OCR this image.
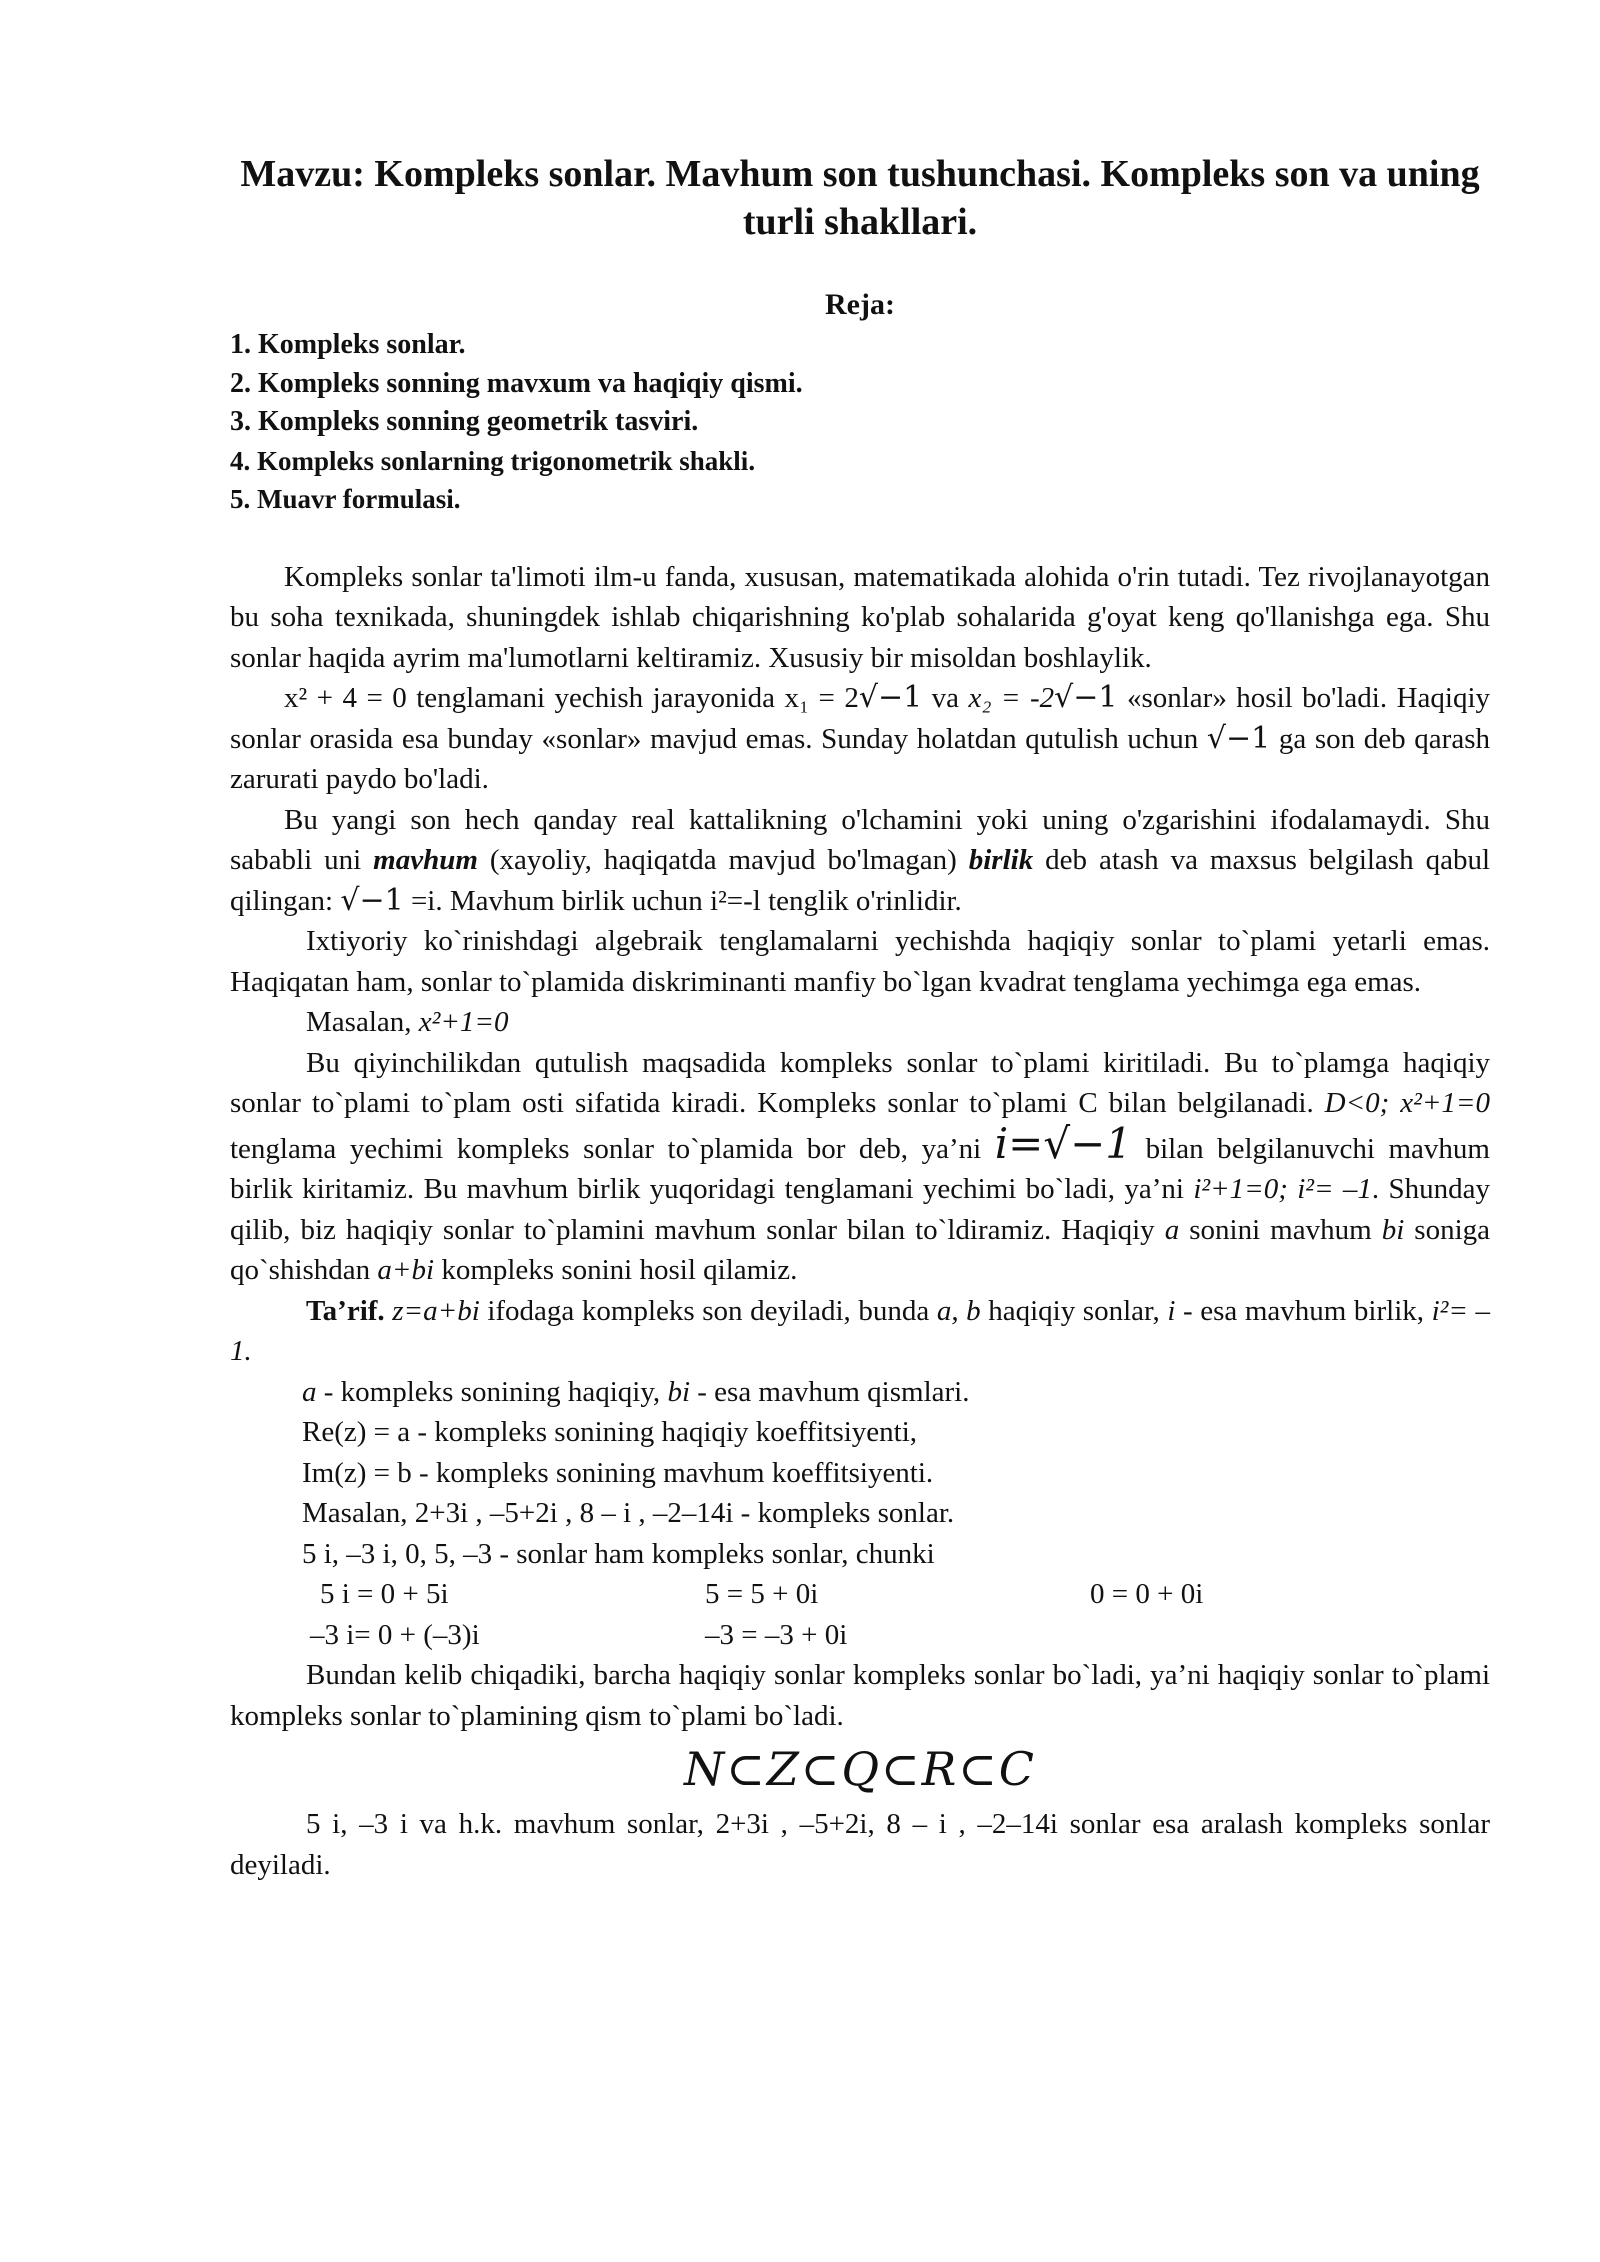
Mavzu: Kompleks sonlar. Mavhum son tushunchasi. Kompleks son va uning turli shakllari.

Reja:

1. Kompleks sonlar.
2. Kompleks sonning mavxum va haqiqiy qismi.
3. Kompleks sonning geometrik tasviri.
4. Kompleks sonlarning trigonometrik shakli.
5. Muavr formulasi.

Kompleks sonlar ta'limoti ilm-u fanda, xususan, matematikada alohida o'rin tutadi. Tez rivojlanayotgan bu soha texnikada, shuningdek ishlab chiqarishning ko'plab sohalarida g'oyat keng qo'llanishga ega. Shu sonlar haqida ayrim ma'lumotlarni keltiramiz. Xususiy bir misoldan boshlaylik.

x² + 4 = 0 tenglamani yechish jarayonida x₁ = 2√−1 va x₂ = -2√−1 «sonlar» hosil bo'ladi. Haqiqiy sonlar orasida esa bunday «sonlar» mavjud emas. Sunday holatdan qutulish uchun √−1 ga son deb qarash zarurati paydo bo'ladi.

Bu yangi son hech qanday real kattalikning o'lchamini yoki uning o'zgarishini ifodalamaydi. Shu sababli uni mavhum (xayoliy, haqiqatda mavjud bo'lmagan) birlik deb atash va maxsus belgilash qabul qilingan: √−1 =i. Mavhum birlik uchun i²=-l tenglik o'rinlidir.

Ixtiyoriy ko`rinishdagi algebraik tenglamalarni yechishda haqiqiy sonlar to`plami yetarli emas. Haqiqatan ham, sonlar to`plamida diskriminanti manfiy bo`lgan kvadrat tenglama yechimga ega emas.

Masalan, x²+1=0

Bu qiyinchilikdan qutulish maqsadida kompleks sonlar to`plami kiritiladi. Bu to`plamga haqiqiy sonlar to`plami to`plam osti sifatida kiradi. Kompleks sonlar to`plami C bilan belgilanadi. D<0; x²+1=0 tenglama yechimi kompleks sonlar to`plamida bor deb, ya’ni i=√−1 bilan belgilanuvchi mavhum birlik kiritamiz. Bu mavhum birlik yuqoridagi tenglamani yechimi bo`ladi, ya’ni i²+1=0; i²= –1. Shunday qilib, biz haqiqiy sonlar to`plamini mavhum sonlar bilan to`ldiramiz. Haqiqiy a sonini mavhum bi soniga qo`shishdan a+bi kompleks sonini hosil qilamiz.

Ta’rif. z=a+bi ifodaga kompleks son deyiladi, bunda a, b haqiqiy sonlar, i - esa mavhum birlik, i²= –1.

a - kompleks sonining haqiqiy, bi - esa mavhum qismlari.

Re(z) = a - kompleks sonining haqiqiy koeffitsiyenti,

Im(z) = b - kompleks sonining mavhum koeffitsiyenti.

Masalan, 2+3i , –5+2i , 8 – i , –2–14i - kompleks sonlar.

5 i, –3 i, 0, 5, –3 - sonlar ham kompleks sonlar, chunki

5 i = 0 + 5i	5 = 5 + 0i	0 = 0 + 0i
–3 i= 0 + (–3)i	–3 = –3 + 0i

Bundan kelib chiqadiki, barcha haqiqiy sonlar kompleks sonlar bo`ladi, ya’ni haqiqiy sonlar to`plami kompleks sonlar to`plamining qism to`plami bo`ladi.

N⊂Z⊂Q⊂R⊂C

5 i, –3 i va h.k. mavhum sonlar, 2+3i , –5+2i, 8 – i , –2–14i sonlar esa aralash kompleks sonlar deyiladi.
